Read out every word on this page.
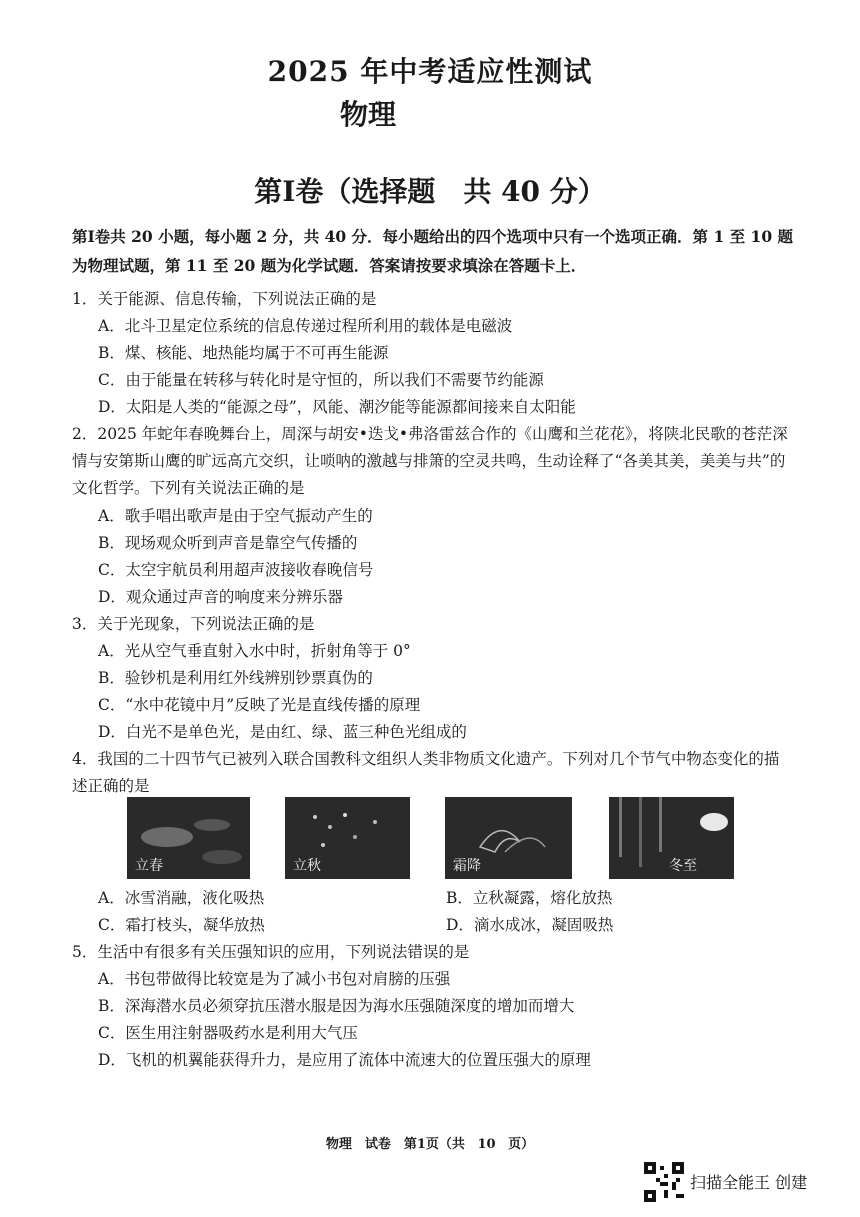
2025 年中考适应性测试
物理
第Ⅰ卷（选择题　共 40 分）
第Ⅰ卷共 20 小题，每小题 2 分，共 40 分．每小题给出的四个选项中只有一个选项正确．第 1 至 10 题为物理试题，第 11 至 20 题为化学试题．答案请按要求填涂在答题卡上．
1．关于能源、信息传输，下列说法正确的是
A．北斗卫星定位系统的信息传递过程所利用的载体是电磁波
B．煤、核能、地热能均属于不可再生能源
C．由于能量在转移与转化时是守恒的，所以我们不需要节约能源
D．太阳是人类的“能源之母”，风能、潮汐能等能源都间接来自太阳能
2．2025 年蛇年春晚舞台上，周深与胡安•迭戈•弗洛雷兹合作的《山鹰和兰花花》，将陕北民歌的苍茫深情与安第斯山鹰的旷远高亢交织，让唢呐的激越与排箫的空灵共鸣，生动诠释了“各美其美，美美与共”的文化哲学。下列有关说法正确的是
A．歌手唱出歌声是由于空气振动产生的
B．现场观众听到声音是靠空气传播的
C．太空宇航员利用超声波接收春晚信号
D．观众通过声音的响度来分辨乐器
3．关于光现象，下列说法正确的是
A．光从空气垂直射入水中时，折射角等于 0°
B．验钞机是利用红外线辨别钞票真伪的
C．“水中花镜中月”反映了光是直线传播的原理
D．白光不是单色光，是由红、绿、蓝三种色光组成的
4．我国的二十四节气已被列入联合国教科文组织人类非物质文化遗产。下列对几个节气中物态变化的描述正确的是
立春	立秋	霜降	冬至
A．冰雪消融，液化吸热	B．立秋凝露，熔化放热
C．霜打枝头，凝华放热	D．滴水成冰，凝固吸热
5．生活中有很多有关压强知识的应用，下列说法错误的是
A．书包带做得比较宽是为了减小书包对肩膀的压强
B．深海潜水员必须穿抗压潜水服是因为海水压强随深度的增加而增大
C．医生用注射器吸药水是利用大气压
D．飞机的机翼能获得升力，是应用了流体中流速大的位置压强大的原理
物理　试卷　第1页（共 10 页）
扫描全能王 创建
